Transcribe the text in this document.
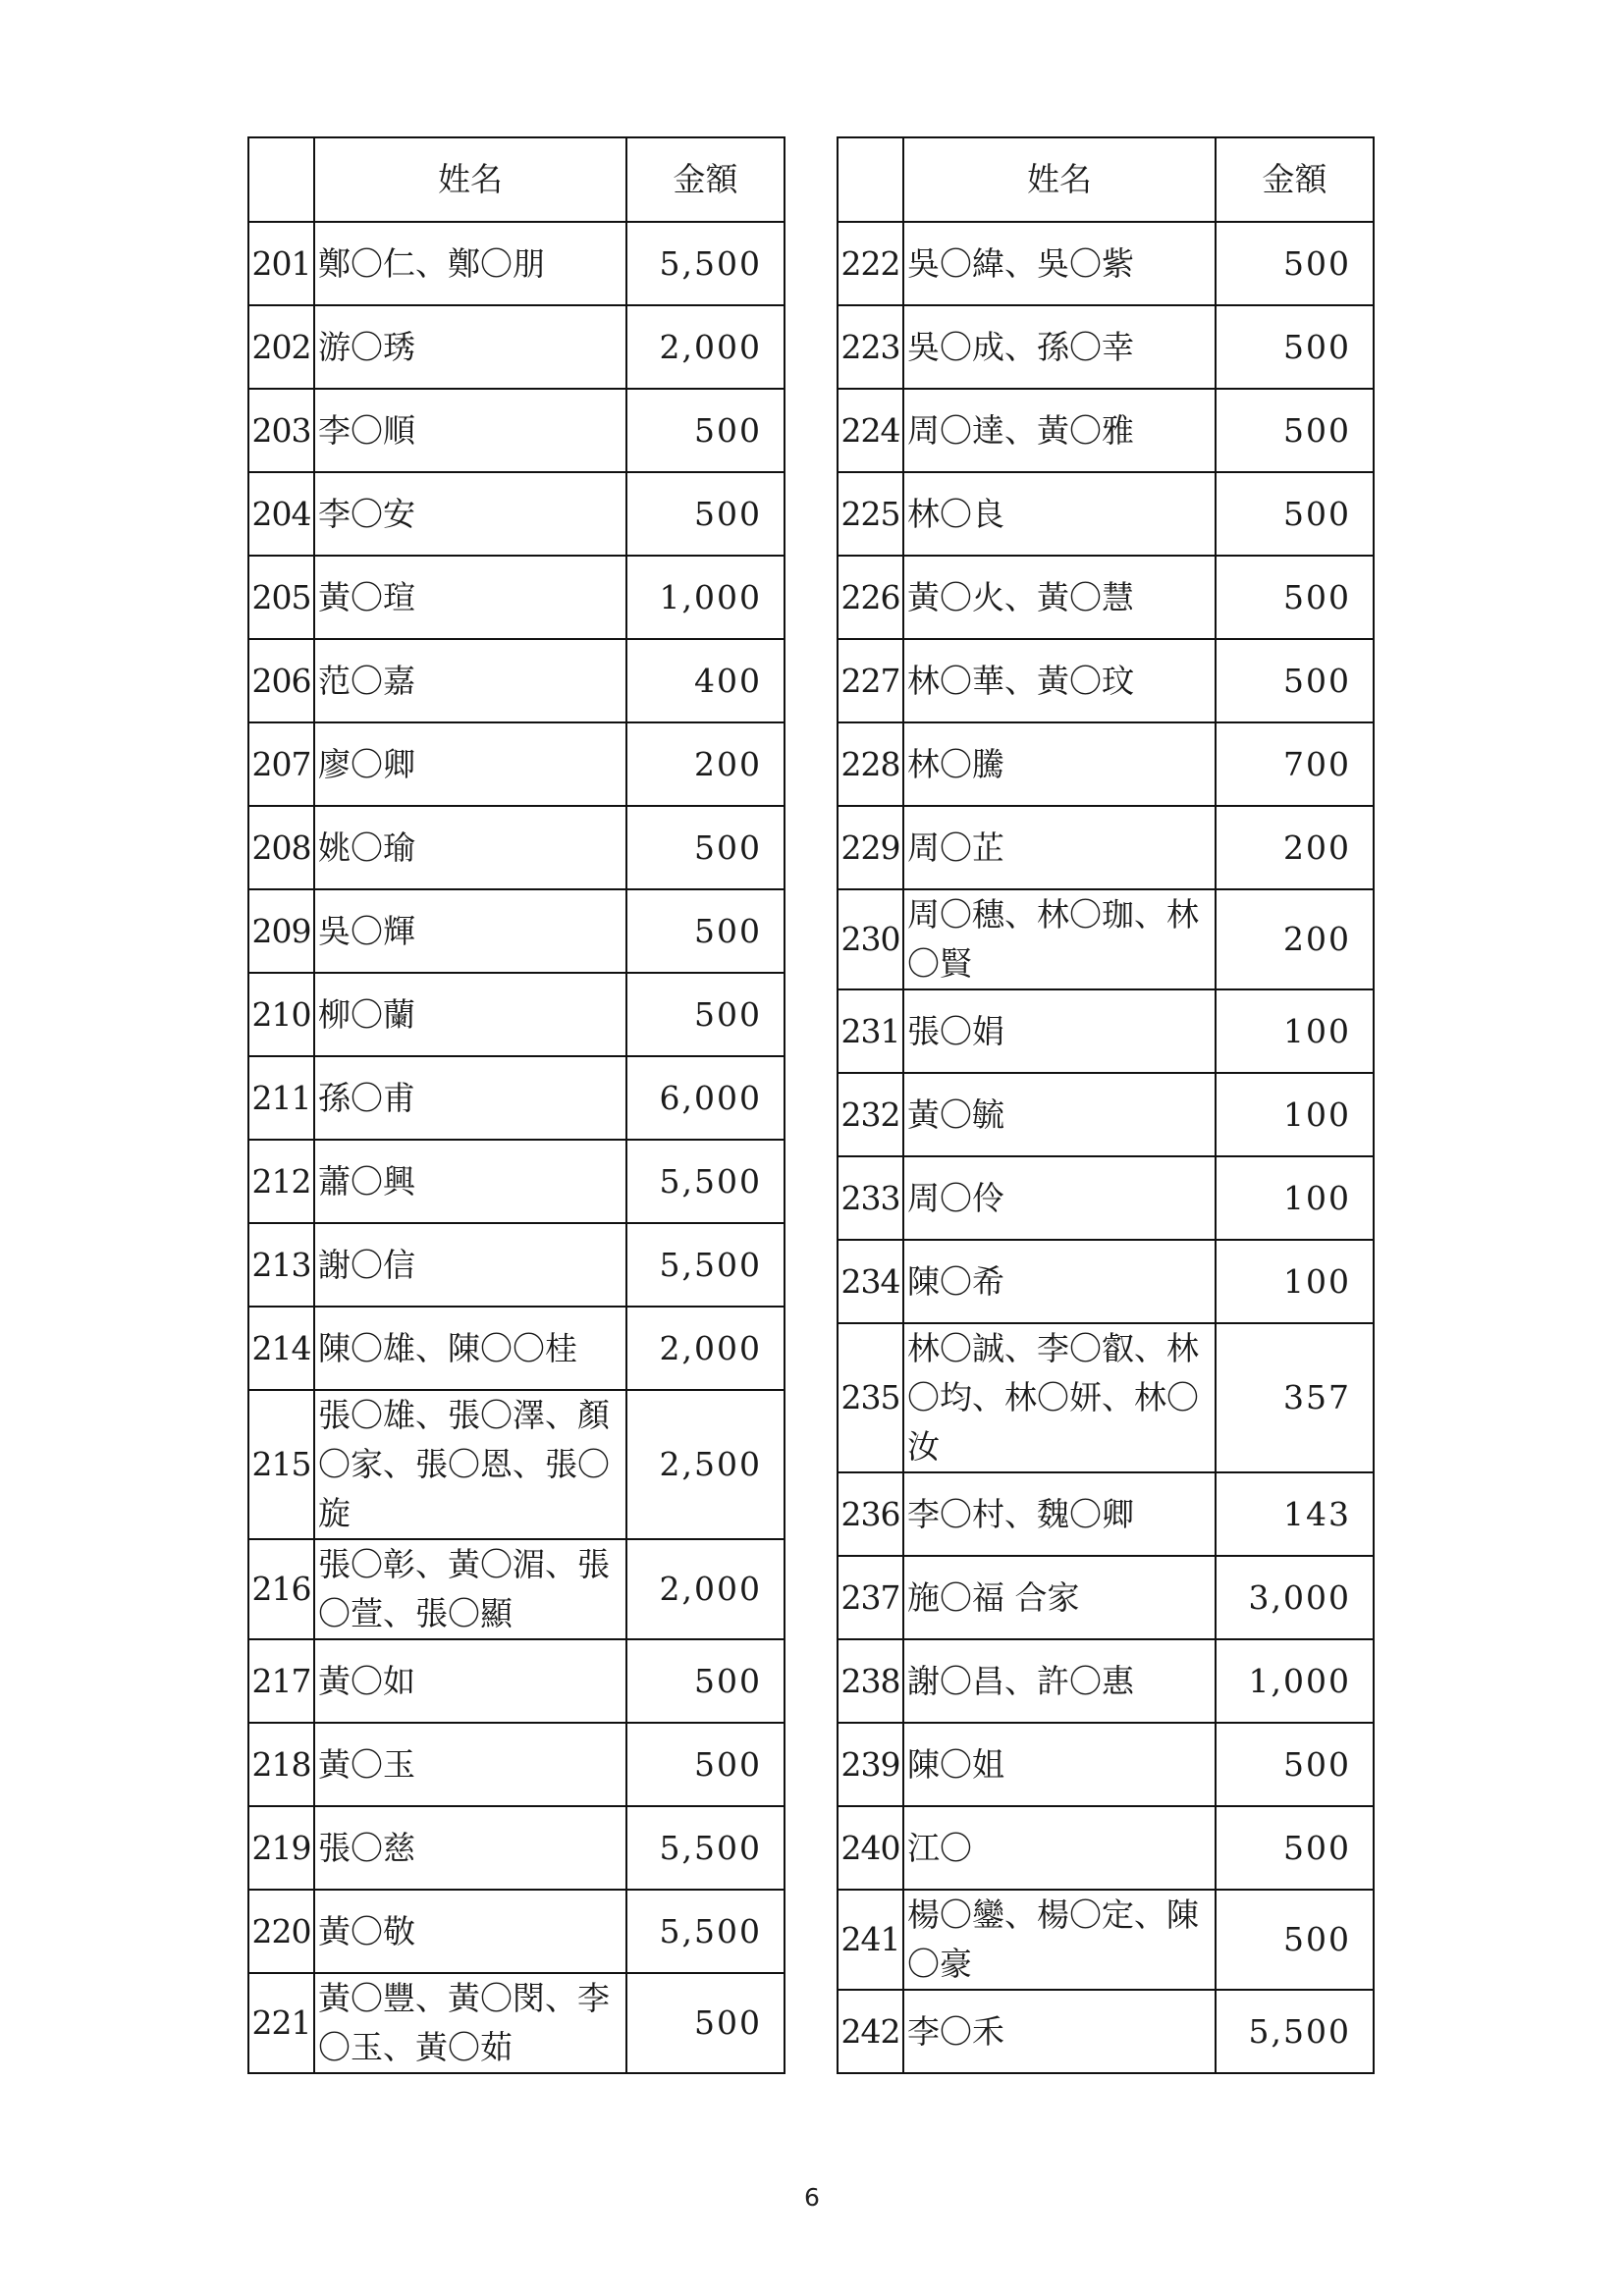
	姓名	金額
201	鄭〇仁、鄭〇朋	5,500
202	游〇琇	2,000
203	李〇順	500
204	李〇安	500
205	黃〇瑄	1,000
206	范〇嘉	400
207	廖〇卿	200
208	姚〇瑜	500
209	吳〇輝	500
210	柳〇蘭	500
211	孫〇甫	6,000
212	蕭〇興	5,500
213	謝〇信	5,500
214	陳〇雄、陳〇〇桂	2,000
215	張〇雄、張〇澤、顏〇家、張〇恩、張〇旋	2,500
216	張〇彰、黃〇湄、張〇萱、張〇顯	2,000
217	黃〇如	500
218	黃〇玉	500
219	張〇慈	5,500
220	黃〇敬	5,500
221	黃〇豐、黃〇閔、李〇玉、黃〇茹	500
	姓名	金額
222	吳〇緯、吳〇紫	500
223	吳〇成、孫〇幸	500
224	周〇達、黃〇雅	500
225	林〇良	500
226	黃〇火、黃〇慧	500
227	林〇華、黃〇玟	500
228	林〇騰	700
229	周〇芷	200
230	周〇穗、林〇珈、林〇賢	200
231	張〇娟	100
232	黃〇毓	100
233	周〇伶	100
234	陳〇希	100
235	林〇誠、李〇叡、林〇均、林〇妍、林〇汝	357
236	李〇村、魏〇卿	143
237	施〇福 合家	3,000
238	謝〇昌、許〇惠	1,000
239	陳〇姐	500
240	江〇	500
241	楊〇鑾、楊〇定、陳〇豪	500
242	李〇禾	5,500
6
